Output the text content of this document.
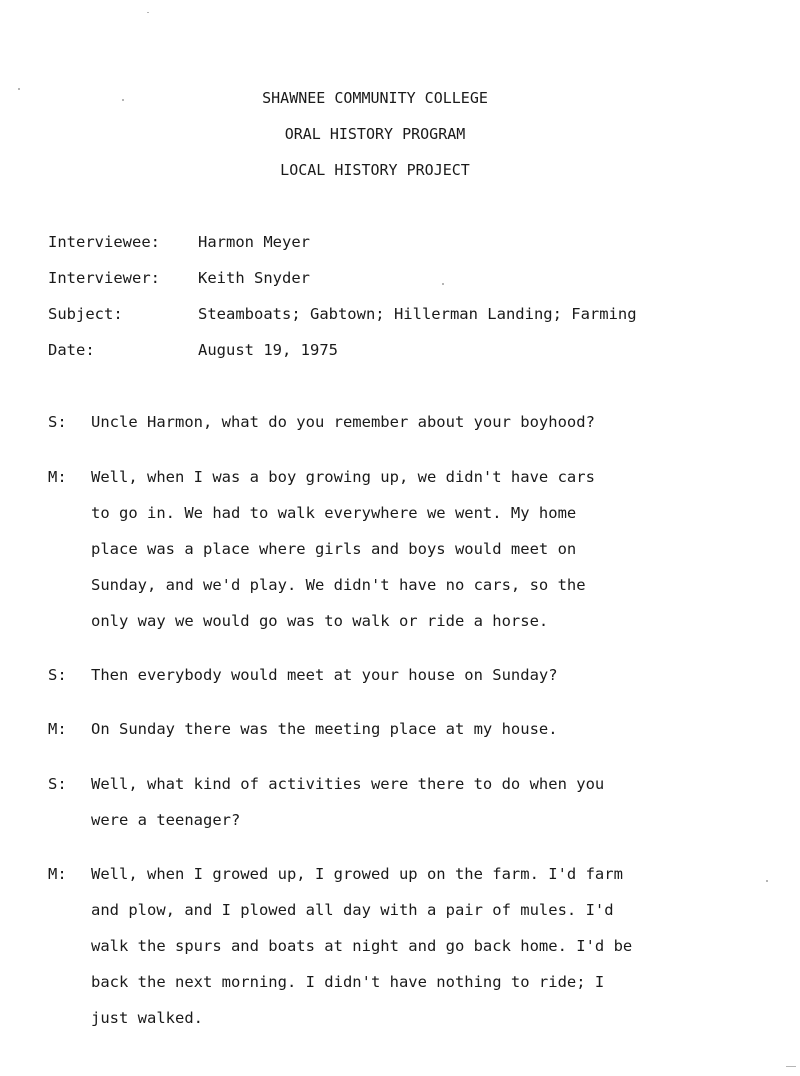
SHAWNEE COMMUNITY COLLEGE
ORAL HISTORY PROGRAM
LOCAL HISTORY PROJECT
Interviewee: Harmon Meyer
Interviewer: Keith Snyder
Subject:	Steamboats; Gabtown; Hillerman Landing; Farming
Date:	August 19, 1975
S: Uncle Harmon, what do you remember about your boyhood?
M: Well, when I was a boy growing up, we didn't have cars
to go in. We had to walk everywhere we went. My home
place was a place where girls and boys would meet on
Sunday, and we'd play. We didn't have no cars, so the
only way we would go was to walk or ride a horse.
S: Then everybody would meet at your house on Sunday?
M: On Sunday there was the meeting place at my house.
S: Well, what kind of activities were there to do when you
were a teenager?
M: Well, when I growed up, I growed up on the farm. I'd farm
and plow, and I plowed all day with a pair of mules. I'd
walk the spurs and boats at night and go back home. I'd be
back the next morning. I didn't have nothing to ride; I
just walked.
